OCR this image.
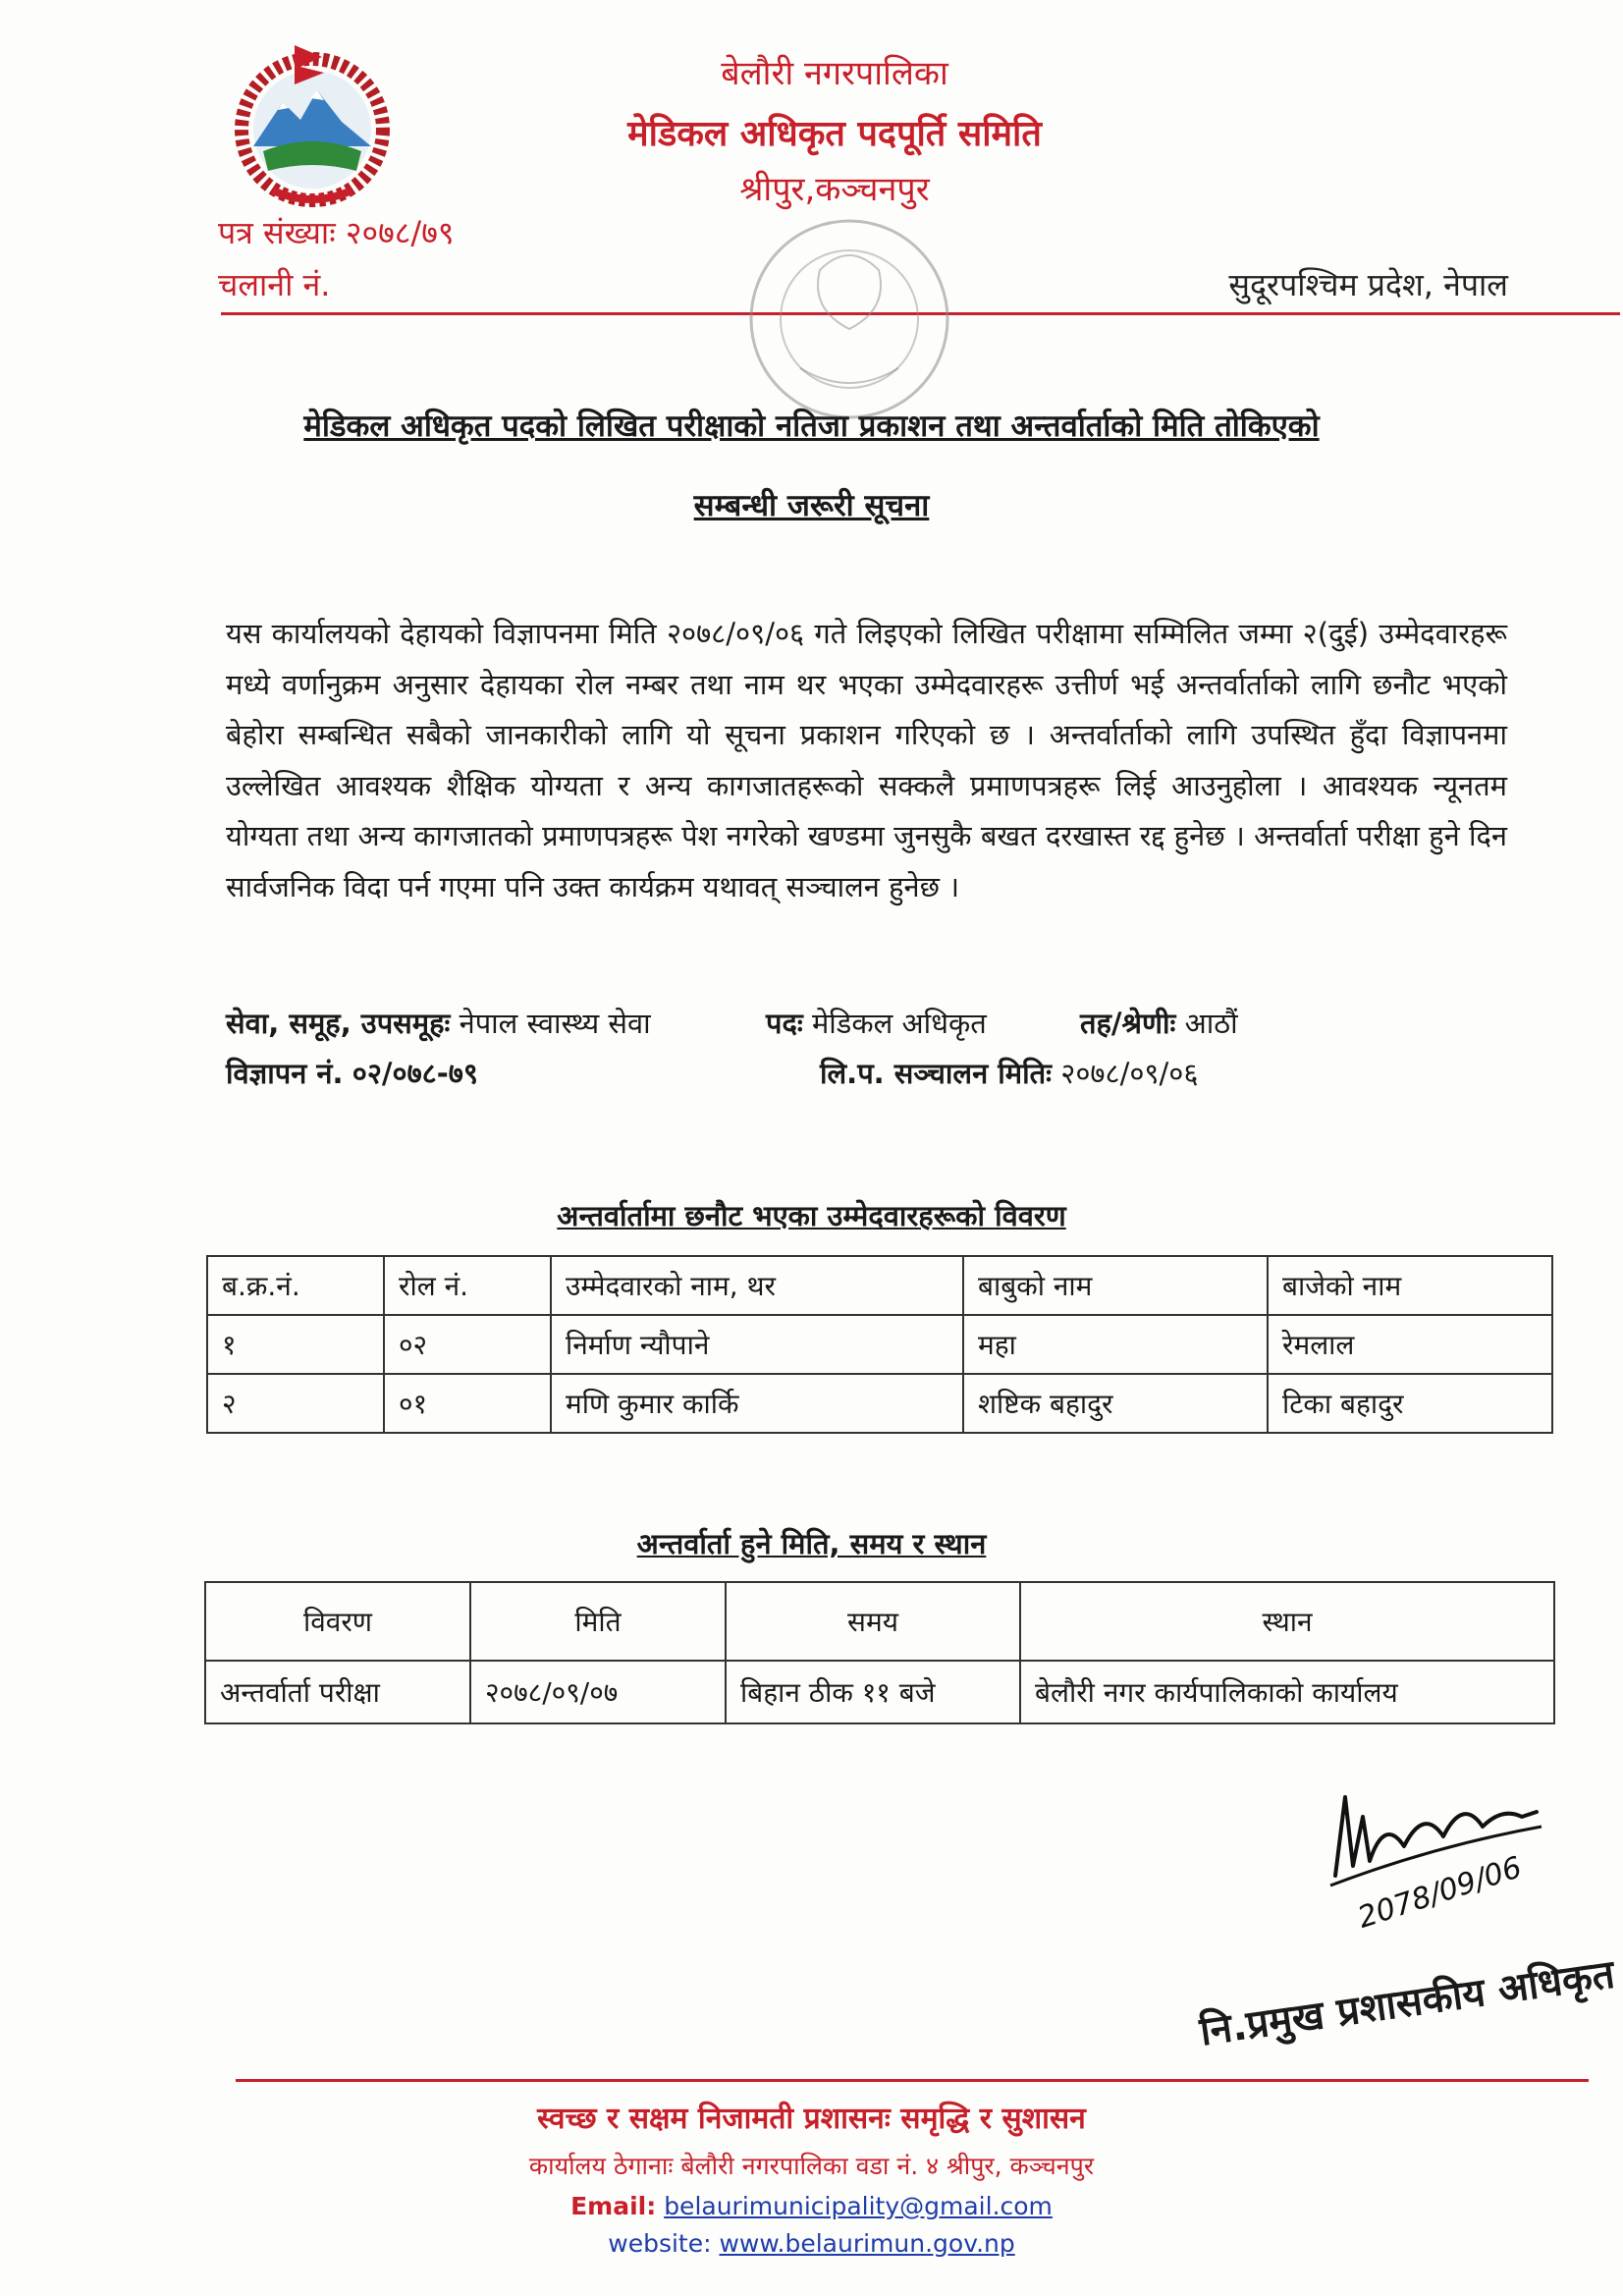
बेलौरी नगरपालिका
मेडिकल अधिकृत पदपूर्ति समिति
श्रीपुर,कञ्चनपुर
पत्र संख्याः २०७८/७९
चलानी नं.	सुदूरपश्चिम प्रदेश, नेपाल
मेडिकल अधिकृत पदको लिखित परीक्षाको नतिजा प्रकाशन तथा अन्तर्वार्ताको मिति तोकिएको
सम्बन्धी जरूरी सूचना
यस कार्यालयको देहायको विज्ञापनमा मिति २०७८/०९/०६ गते लिइएको लिखित परीक्षामा सम्मिलित जम्मा २(दुई) उम्मेदवारहरू मध्ये वर्णानुक्रम अनुसार देहायका रोल नम्बर तथा नाम थर भएका उम्मेदवारहरू उत्तीर्ण भई अन्तर्वार्ताको लागि छनौट भएको बेहोरा सम्बन्धित सबैको जानकारीको लागि यो सूचना प्रकाशन गरिएको छ । अन्तर्वार्ताको लागि उपस्थित हुँदा विज्ञापनमा उल्लेखित आवश्यक शैक्षिक योग्यता र अन्य कागजातहरूको सक्कलै प्रमाणपत्रहरू लिई आउनुहोला । आवश्यक न्यूनतम योग्यता तथा अन्य कागजातको प्रमाणपत्रहरू पेश नगरेको खण्डमा जुनसुकै बखत दरखास्त रद्द हुनेछ । अन्तर्वार्ता परीक्षा हुने दिन सार्वजनिक विदा पर्न गएमा पनि उक्त कार्यक्रम यथावत् सञ्चालन हुनेछ ।
सेवा, समूह, उपसमूहः नेपाल स्वास्थ्य सेवा	पदः मेडिकल अधिकृत	तह/श्रेणीः आठौं
विज्ञापन नं. ०२/०७८-७९	लि.प. सञ्चालन मितिः २०७८/०९/०६
अन्तर्वार्तामा छनौट भएका उम्मेदवारहरूको विवरण
ब.क्र.नं.	रोल नं.	उम्मेदवारको नाम, थर	बाबुको नाम	बाजेको नाम
१	०२	निर्माण न्यौपाने	महा	रेमलाल
२	०१	मणि कुमार कार्कि	शष्टिक बहादुर	टिका बहादुर
अन्तर्वार्ता हुने मिति, समय र स्थान
विवरण	मिति	समय	स्थान
अन्तर्वार्ता परीक्षा	२०७८/०९/०७	बिहान ठीक ११ बजे	बेलौरी नगर कार्यपालिकाको कार्यालय
2078/09/06
नि.प्रमुख प्रशासकीय अधिकृत
स्वच्छ र सक्षम निजामती प्रशासनः समृद्धि र सुशासन
कार्यालय ठेगानाः बेलौरी नगरपालिका वडा नं. ४ श्रीपुर, कञ्चनपुर
Email: belaurimunicipality@gmail.com
website: www.belaurimun.gov.np
